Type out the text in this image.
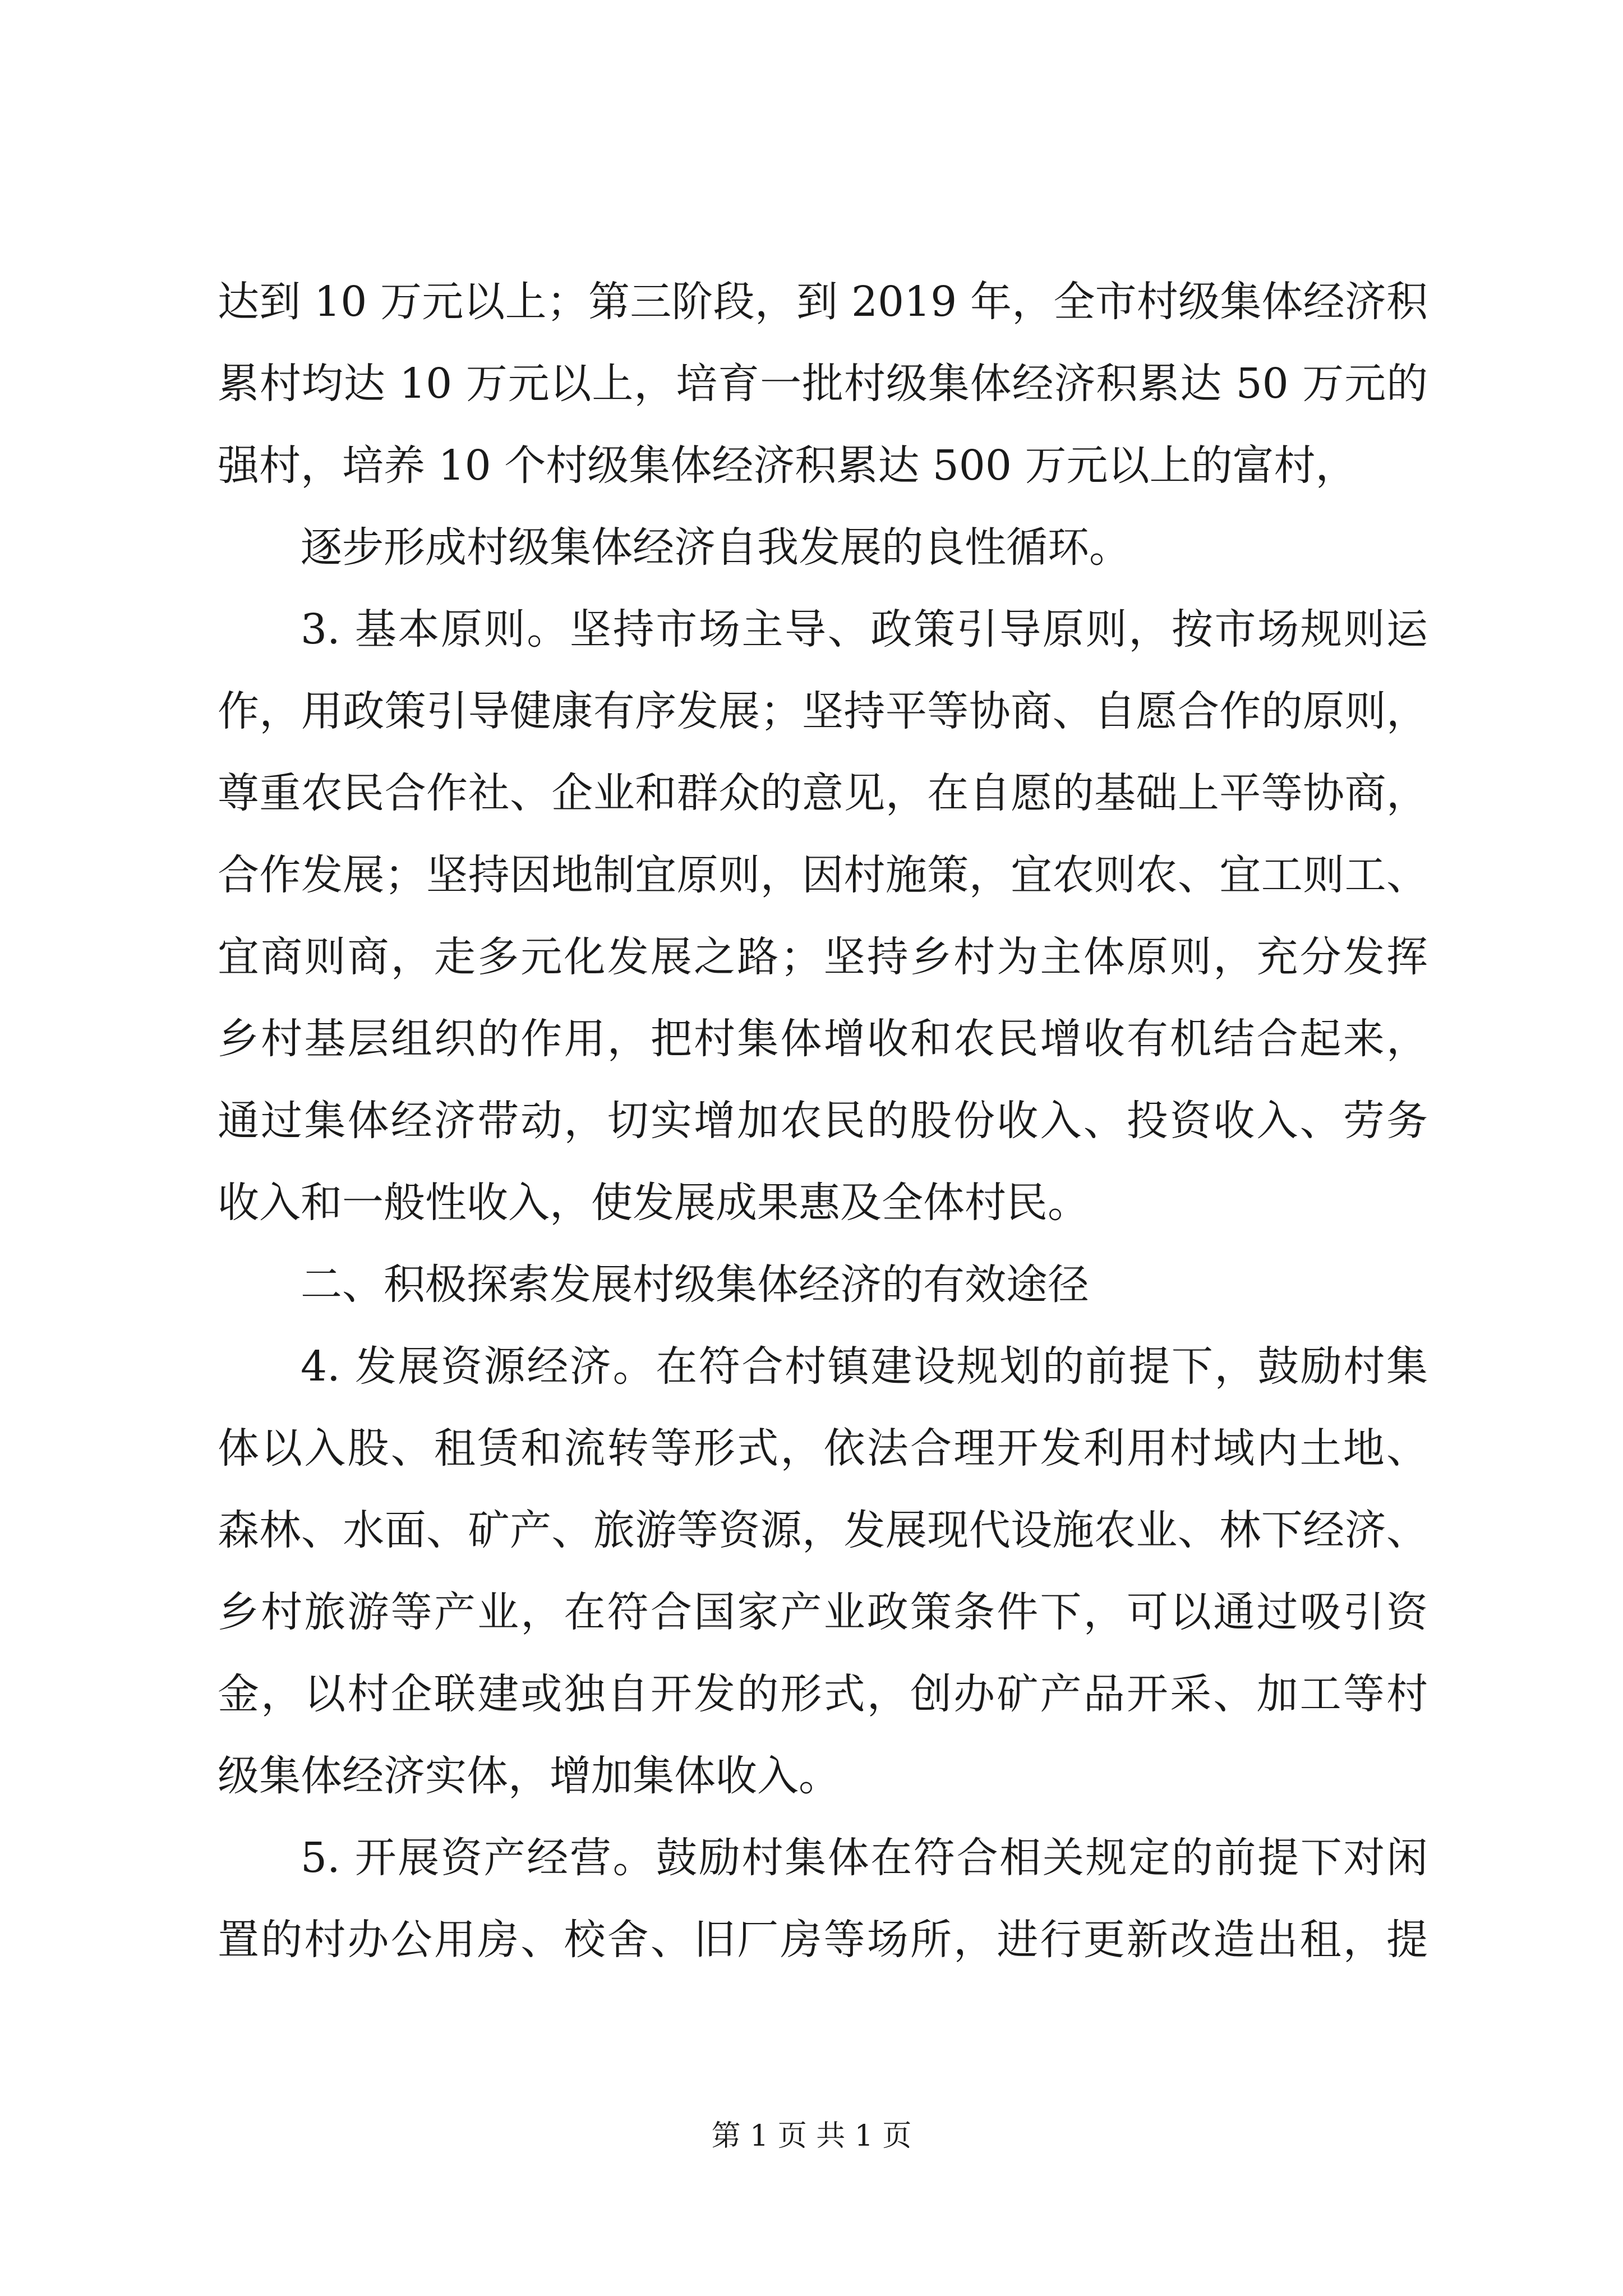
达到 10 万元以上；第三阶段，到 2019 年，全市村级集体经济积
累村均达 10 万元以上，培育一批村级集体经济积累达 50 万元的
强村，培养 10 个村级集体经济积累达 500 万元以上的富村，
逐步形成村级集体经济自我发展的良性循环。
3. 基本原则。坚持市场主导、政策引导原则，按市场规则运
作，用政策引导健康有序发展；坚持平等协商、自愿合作的原则，
尊重农民合作社、企业和群众的意见，在自愿的基础上平等协商，
合作发展；坚持因地制宜原则，因村施策，宜农则农、宜工则工、
宜商则商，走多元化发展之路；坚持乡村为主体原则，充分发挥
乡村基层组织的作用，把村集体增收和农民增收有机结合起来，
通过集体经济带动，切实增加农民的股份收入、投资收入、劳务
收入和一般性收入，使发展成果惠及全体村民。
二、积极探索发展村级集体经济的有效途径
4. 发展资源经济。在符合村镇建设规划的前提下，鼓励村集
体以入股、租赁和流转等形式，依法合理开发利用村域内土地、
森林、水面、矿产、旅游等资源，发展现代设施农业、林下经济、
乡村旅游等产业，在符合国家产业政策条件下，可以通过吸引资
金，以村企联建或独自开发的形式，创办矿产品开采、加工等村
级集体经济实体，增加集体收入。
5. 开展资产经营。鼓励村集体在符合相关规定的前提下对闲
置的村办公用房、校舍、旧厂房等场所，进行更新改造出租，提
第 1 页 共 1 页
